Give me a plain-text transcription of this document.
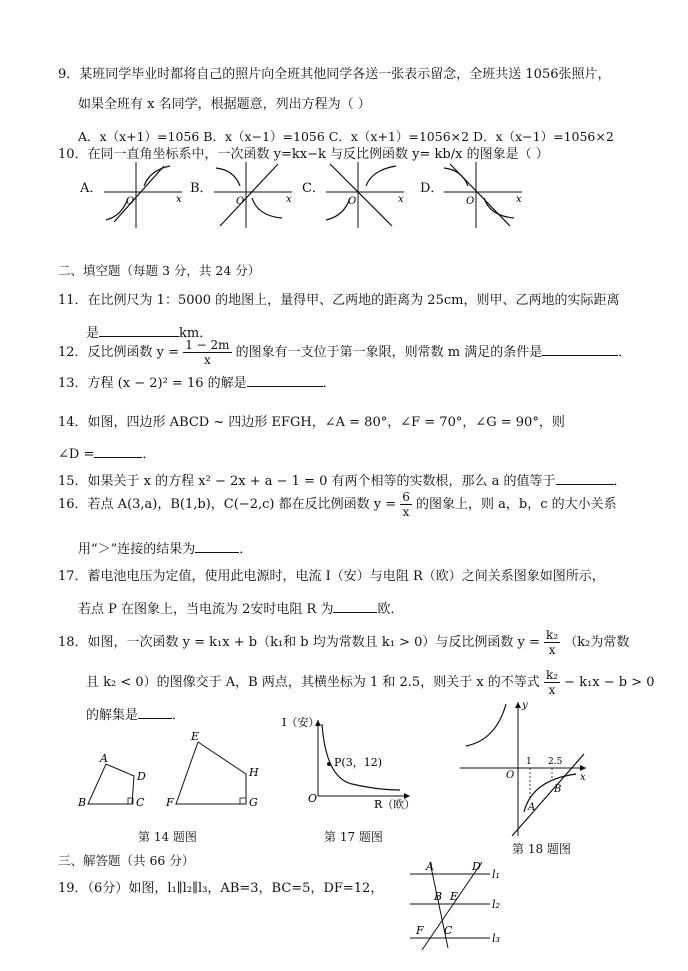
9．某班同学毕业时都将自己的照片向全班其他同学各送一张表示留念，全班共送 1056张照片，
如果全班有 x 名同学，根据题意，列出方程为（ ）
A．x（x+1）=1056 B．x（x−1）=1056 C．x（x+1）=1056×2 D．x（x−1）=1056×2
10．在同一直角坐标系中，一次函数 y=kx−k 与反比例函数 y= kb/x 的图象是（ ）
A．	B．	C．	D．
O	x	O	x	O	x	O	x
二、填空题（每题 3 分，共 24 分）
11．在比例尺为 1：5000 的地图上，量得甲、乙两地的距离为 25cm，则甲、乙两地的实际距离
是	km．
12．反比例函数 $y = \frac{1 - 2m}{x}$ 的图象有一支位于第一象限，则常数 m 满足的条件是	．
13．方程 (x − 2)² = 16 的解是	．
14．如图，四边形 ABCD ~ 四边形 EFGH，∠A = 80°，∠F = 70°，∠G = 90°，则
∠D =	．
15．如果关于 x 的方程 x² − 2x + a − 1 = 0 有两个相等的实数根，那么 a 的值等于	．
16．若点 A(3,a)，B(1,b)，C(−2,c) 都在反比例函数 $y = \frac{6}{x}$ 的图象上，则 a，b，c 的大小关系
用“＞”连接的结果为	．
17．蓄电池电压为定值，使用此电源时，电流 I（安）与电阻 R（欧）之间关系图象如图所示，
若点 P 在图象上，当电流为 2安时电阻 R 为	欧．
18．如图，一次函数 y = k₁x + b（k₁和 b 均为常数且 k₁ > 0）与反比例函数 $y = \frac{\text{k₂}}{x} (k_2$为常数
且 k₂ < 0）的图像交于 A，B 两点，其横坐标为 1 和 2.5，则关于 x 的不等式 $\frac{\text{k₂}}{x} - k_1x - b > 0$
的解集是	．
A
B	C
D
E
F	G
H
第 14 题图
I（安）
P(3，12)
O	R（欧）
第 17 题图
y
x
O
1 2.5
A
B
第 18 题图
三、解答题（共 66 分）
19．（6分）如图，l₁∥l₂∥l₃，AB=3，BC=5，DF=12，
A	D
B E
F C
l₁
l₂
l₃
